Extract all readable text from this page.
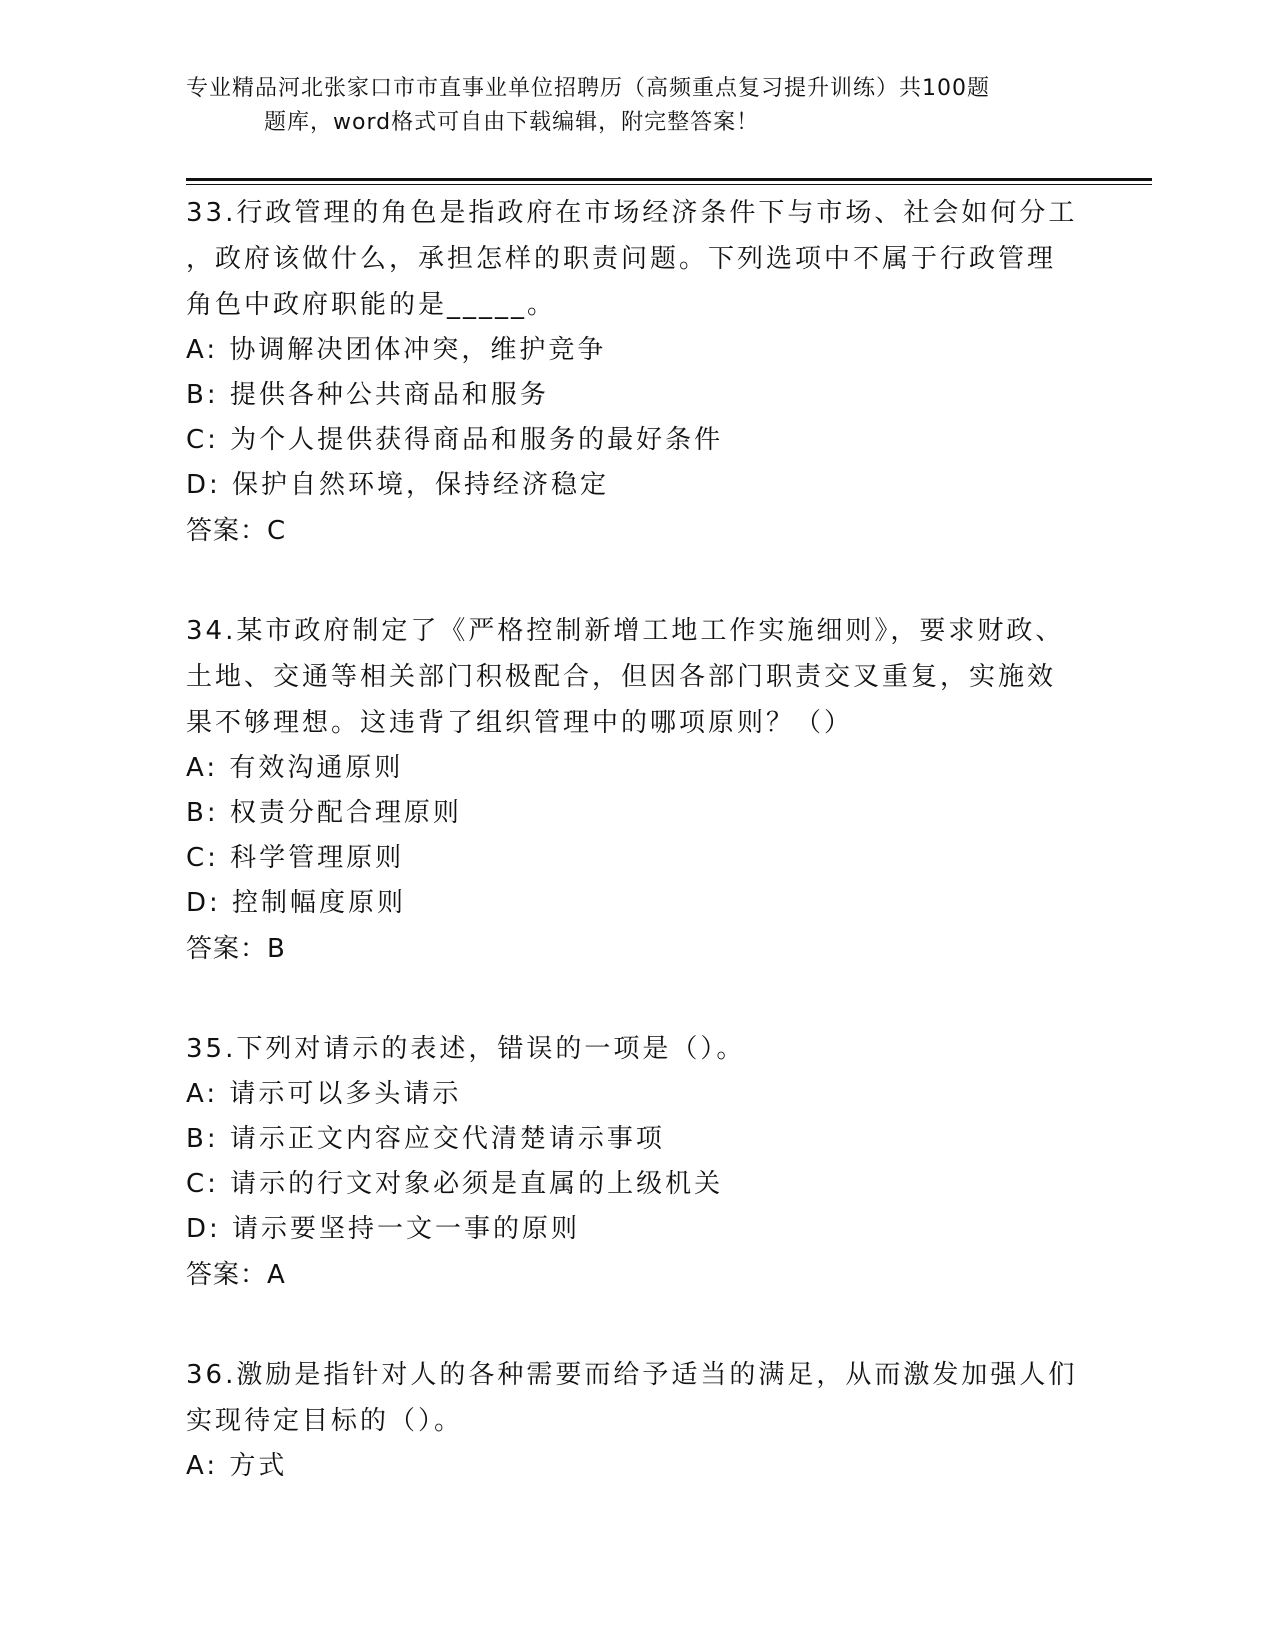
专业精品河北张家口市市直事业单位招聘历（高频重点复习提升训练）共100题
题库，word格式可自由下载编辑，附完整答案！
33.行政管理的角色是指政府在市场经济条件下与市场、社会如何分工
，政府该做什么，承担怎样的职责问题。下列选项中不属于行政管理
角色中政府职能的是_____。
A: 协调解决团体冲突，维护竞争
B: 提供各种公共商品和服务
C: 为个人提供获得商品和服务的最好条件
D: 保护自然环境，保持经济稳定
答案：C
34.某市政府制定了《严格控制新增工地工作实施细则》，要求财政、
土地、交通等相关部门积极配合，但因各部门职责交叉重复，实施效
果不够理想。这违背了组织管理中的哪项原则？（）
A: 有效沟通原则
B: 权责分配合理原则
C: 科学管理原则
D: 控制幅度原则
答案：B
35.下列对请示的表述，错误的一项是（）。
A: 请示可以多头请示
B: 请示正文内容应交代清楚请示事项
C: 请示的行文对象必须是直属的上级机关
D: 请示要坚持一文一事的原则
答案：A
36.激励是指针对人的各种需要而给予适当的满足，从而激发加强人们
实现待定目标的（）。
A: 方式
